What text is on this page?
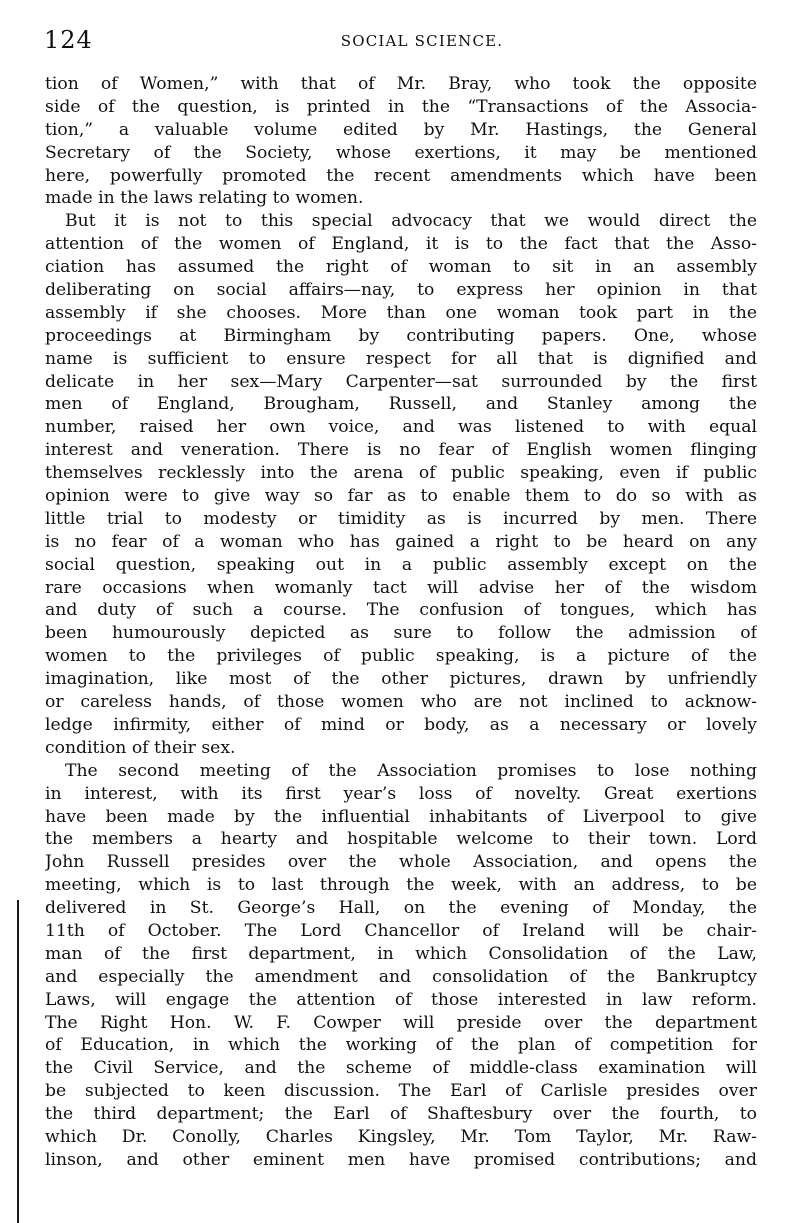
124	SOCIAL SCIENCE.
tion of Women,” with that of Mr. Bray, who took the opposite
side of the question, is printed in the “Transactions of the Associa-
tion,” a valuable volume edited by Mr. Hastings, the General
Secretary of the Society, whose exertions, it may be mentioned
here, powerfully promoted the recent amendments which have been
made in the laws relating to women.
But it is not to this special advocacy that we would direct the
attention of the women of England, it is to the fact that the Asso-
ciation has assumed the right of woman to sit in an assembly
deliberating on social affairs—nay, to express her opinion in that
assembly if she chooses. More than one woman took part in the
proceedings at Birmingham by contributing papers. One, whose
name is sufficient to ensure respect for all that is dignified and
delicate in her sex—Mary Carpenter—sat surrounded by the first
men of England, Brougham, Russell, and Stanley among the
number, raised her own voice, and was listened to with equal
interest and veneration. There is no fear of English women flinging
themselves recklessly into the arena of public speaking, even if public
opinion were to give way so far as to enable them to do so with as
little trial to modesty or timidity as is incurred by men. There
is no fear of a woman who has gained a right to be heard on any
social question, speaking out in a public assembly except on the
rare occasions when womanly tact will advise her of the wisdom
and duty of such a course. The confusion of tongues, which has
been humourously depicted as sure to follow the admission of
women to the privileges of public speaking, is a picture of the
imagination, like most of the other pictures, drawn by unfriendly
or careless hands, of those women who are not inclined to acknow-
ledge infirmity, either of mind or body, as a necessary or lovely
condition of their sex.
The second meeting of the Association promises to lose nothing
in interest, with its first year’s loss of novelty. Great exertions
have been made by the influential inhabitants of Liverpool to give
the members a hearty and hospitable welcome to their town. Lord
John Russell presides over the whole Association, and opens the
meeting, which is to last through the week, with an address, to be
delivered in St. George’s Hall, on the evening of Monday, the
11th of October. The Lord Chancellor of Ireland will be chair-
man of the first department, in which Consolidation of the Law,
and especially the amendment and consolidation of the Bankruptcy
Laws, will engage the attention of those interested in law reform.
The Right Hon. W. F. Cowper will preside over the department
of Education, in which the working of the plan of competition for
the Civil Service, and the scheme of middle-class examination will
be subjected to keen discussion. The Earl of Carlisle presides over
the third department; the Earl of Shaftesbury over the fourth, to
which Dr. Conolly, Charles Kingsley, Mr. Tom Taylor, Mr. Raw-
linson, and other eminent men have promised contributions; and
